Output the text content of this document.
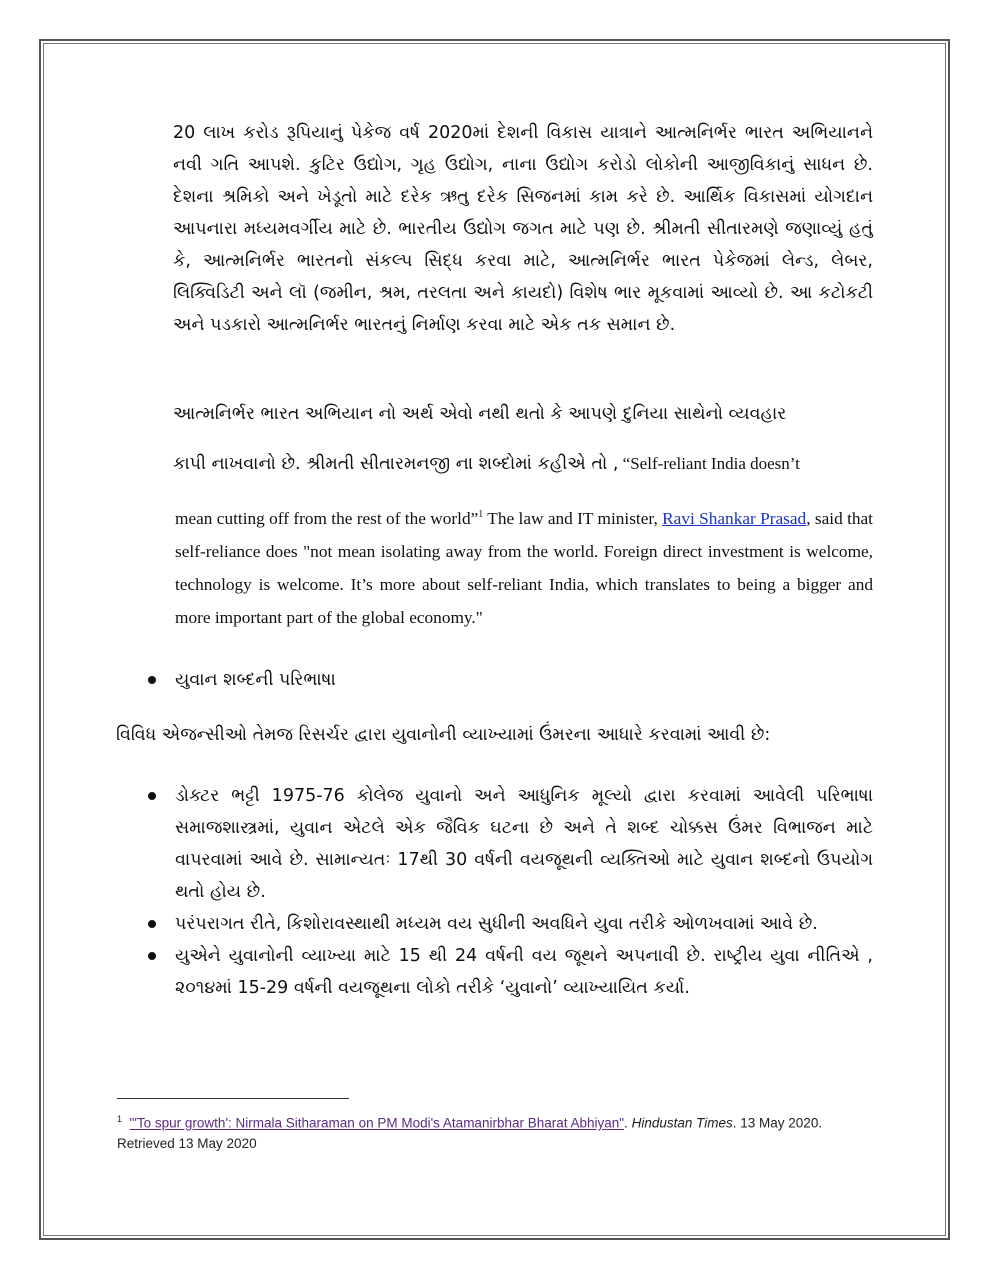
20 લાખ કરોડ રૂપિયાનું પેકેજ વર્ષ 2020માં દેશની વિકાસ યાત્રાને આત્મનિર્ભર ભારત અભિયાનને નવી ગતિ આપશે. કુટિર ઉદ્યોગ, ગૃહ ઉદ્યોગ, નાના ઉદ્યોગ કરોડો લોકોની આજીવિકાનું સાધન છે. દેશના શ્રમિકો અને ખેડૂતો માટે દરેક ઋતુ દરેક સિજનમાં કામ કરે છે. આર્થિક વિકાસમાં યોગદાન આપનારા મધ્યમવર્ગીય માટે છે. ભારતીય ઉદ્યોગ જગત માટે પણ છે. શ્રીમતી સીતારમણે જણાવ્યું હતું કે, આત્મનિર્ભર ભારતનો સંકલ્પ સિદ્ધ કરવા માટે, આત્મનિર્ભર ભારત પેકેજમાં લેન્ડ, લેબર, લિક્વિડિટી અને લૉ (જમીન, શ્રમ, તરલતા અને કાયદો) વિશેષ ભાર મૂકવામાં આવ્યો છે. આ કટોકટી અને પડકારો આત્મનિર્ભર ભારતનું નિર્માણ કરવા માટે એક તક સમાન છે.

આત્મનિર્ભર ભારત અભિયાન નો અર્થ એવો નથી થતો કે આપણે દુનિયા સાથેનો વ્યવહાર

કાપી નાખવાનો છે. શ્રીમતી સીતારમનજી ના શબ્દોમાં કહીએ તો , “Self-reliant India doesn’t

mean cutting off from the rest of the world”$^1$ The law and IT minister, Ravi Shankar Prasad, said that self-reliance does "not mean isolating away from the world. Foreign direct investment is welcome, technology is welcome. It’s more about self-reliant India, which translates to being a bigger and more important part of the global economy."

યુવાન શબ્દની પરિભાષા

વિવિધ એજન્સીઓ તેમજ રિસર્ચર દ્વારા યુવાનોની વ્યાખ્યામાં ઉંમરના આધારે કરવામાં આવી છે:

ડોક્ટર ભટ્ટી 1975-76 કોલેજ યુવાનો અને આધુનિક મૂલ્યો દ્વારા કરવામાં આવેલી પરિભાષા સમાજશાસ્ત્રમાં, યુવાન એટલે એક જૈવિક ઘટના છે અને તે શબ્દ ચોક્કસ ઉંમર વિભાજન માટે વાપરવામાં આવે છે. સામાન્યતઃ 17થી 30 વર્ષની વયજૂથની વ્યક્તિઓ માટે યુવાન શબ્દનો ઉપયોગ થતો હોય છે.
પરંપરાગત રીતે, કિશોરાવસ્થાથી મધ્યમ વય સુધીની અવધિને યુવા તરીકે ઓળખવામાં આવે છે.
યુએને યુવાનોની વ્યાખ્યા માટે 15 થી 24 વર્ષની વય જૂથને અપનાવી છે. રાષ્ટ્રીય યુવા નીતિએ , ૨૦૧૪માં 15-29 વર્ષની વયજૂથના લોકો તરીકે ‘યુવાનો’ વ્યાખ્યાયિત કર્યા.

$^1$ "'To spur growth': Nirmala Sitharaman on PM Modi's Atamanirbhar Bharat Abhiyan". Hindustan Times. 13 May 2020. Retrieved 13 May 2020
